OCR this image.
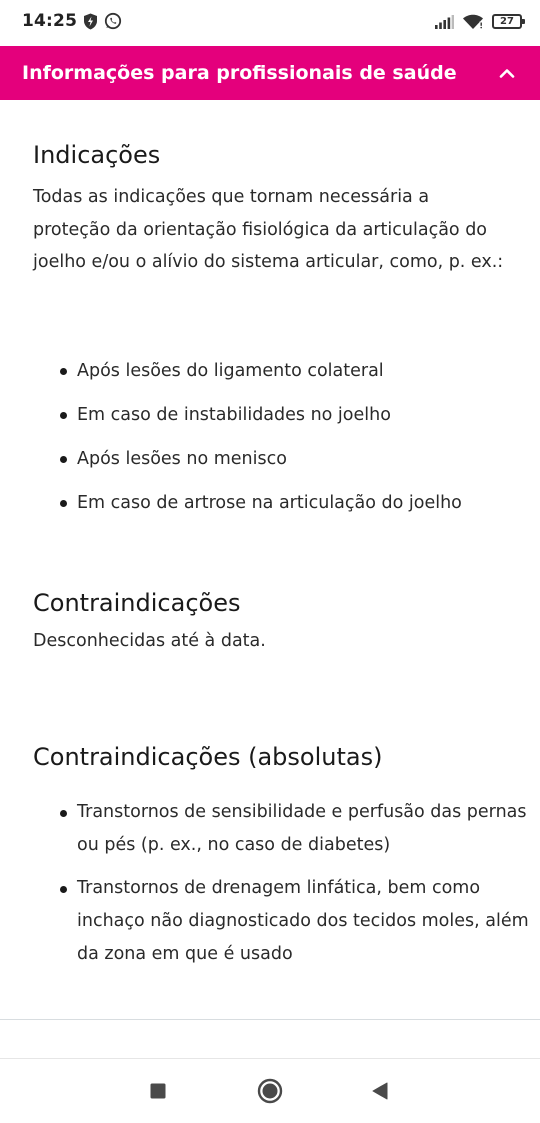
14:25	27
Informações para profissionais de saúde
Indicações

Todas as indicações que tornam necessária a proteção da orientação fisiológica da articulação do joelho e/ou o alívio do sistema articular, como, p. ex.:

Após lesões do ligamento colateral
Em caso de instabilidades no joelho
Após lesões no menisco
Em caso de artrose na articulação do joelho
Contraindicações

Desconhecidas até à data.

Contraindicações (absolutas)
Transtornos de sensibilidade e perfusão das pernas ou pés (p. ex., no caso de diabetes)
Transtornos de drenagem linfática, bem como inchaço não diagnosticado dos tecidos moles, além da zona em que é usado
